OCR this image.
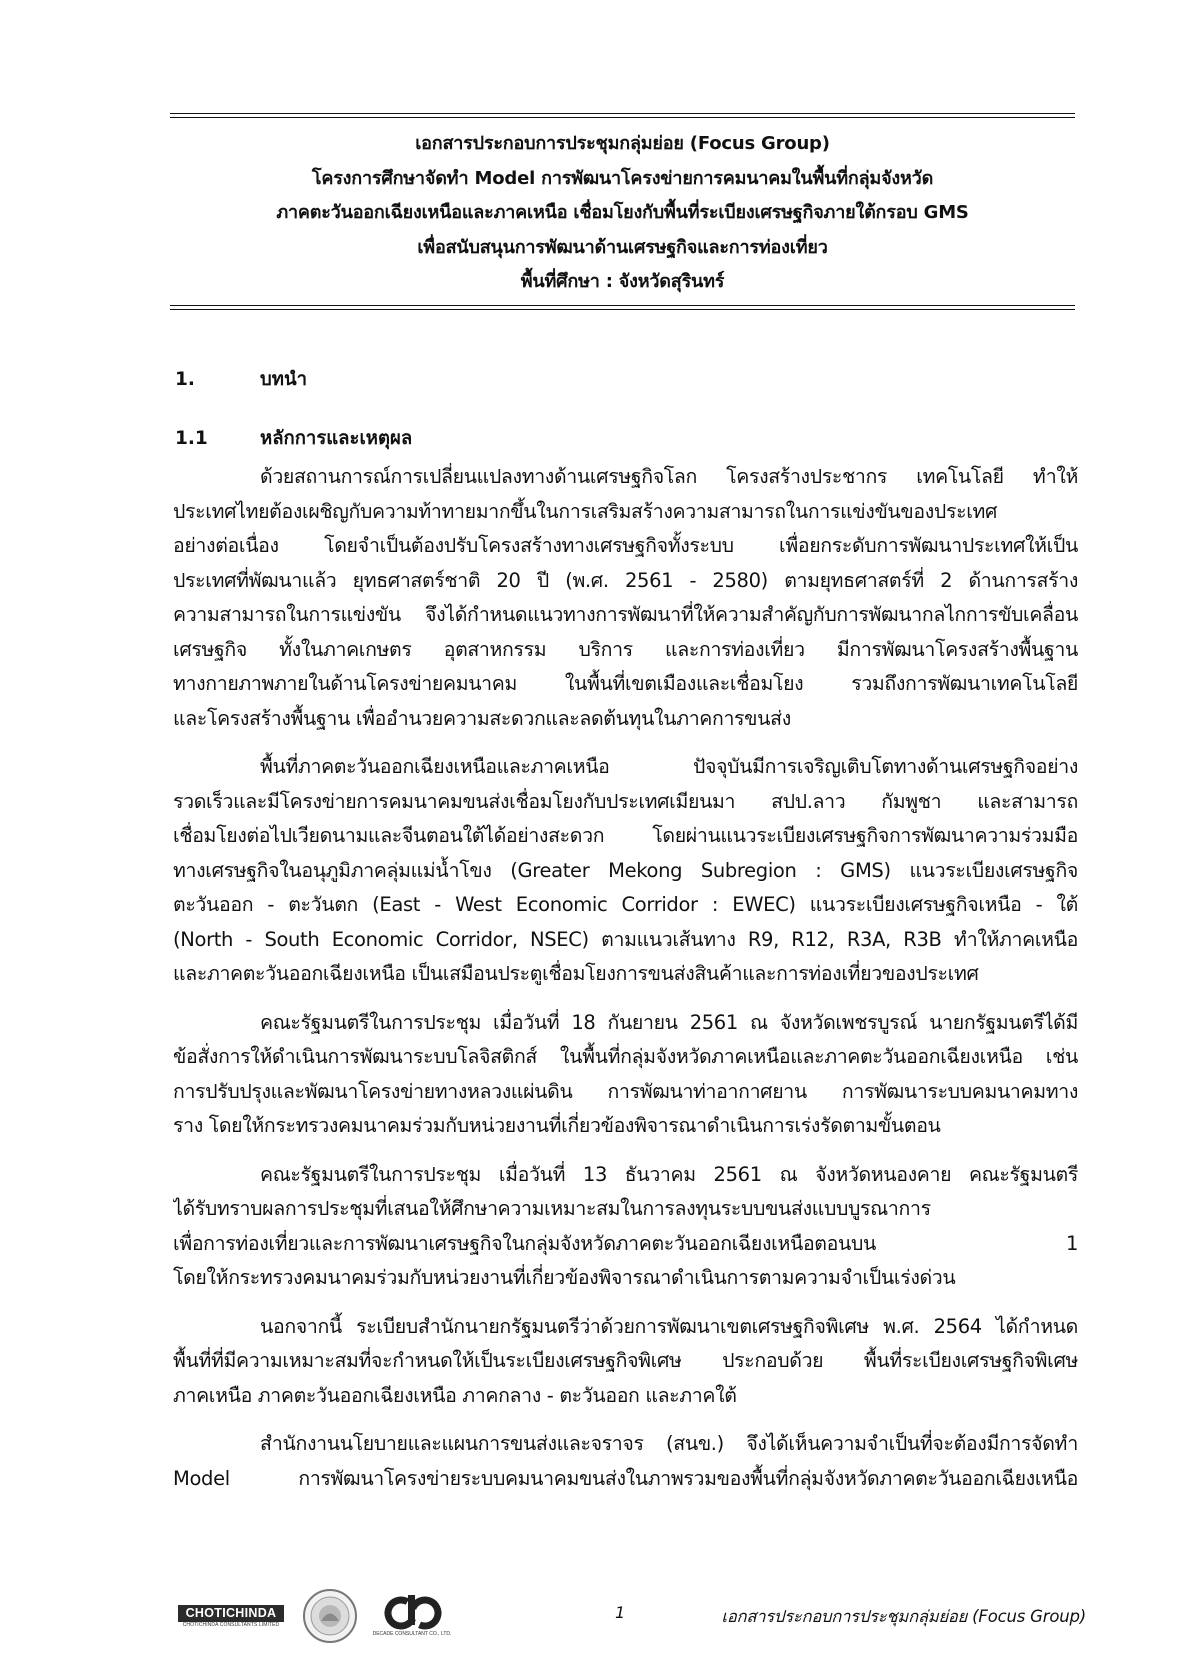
เอกสารประกอบการประชุมกลุ่มย่อย (Focus Group)
โครงการศึกษาจัดทำ Model การพัฒนาโครงข่ายการคมนาคมในพื้นที่กลุ่มจังหวัด
ภาคตะวันออกเฉียงเหนือและภาคเหนือ เชื่อมโยงกับพื้นที่ระเบียงเศรษฐกิจภายใต้กรอบ GMS
เพื่อสนับสนุนการพัฒนาด้านเศรษฐกิจและการท่องเที่ยว
พื้นที่ศึกษา : จังหวัดสุรินทร์
1.	บทนำ
1.1	หลักการและเหตุผล
ด้วยสถานการณ์การเปลี่ยนแปลงทางด้านเศรษฐกิจโลก โครงสร้างประชากร เทคโนโลยี ทำให้
ประเทศไทยต้องเผชิญกับความท้าทายมากขึ้นในการเสริมสร้างความสามารถในการแข่งขันของประเทศ
อย่างต่อเนื่อง โดยจำเป็นต้องปรับโครงสร้างทางเศรษฐกิจทั้งระบบ เพื่อยกระดับการพัฒนาประเทศให้เป็น
ประเทศที่พัฒนาแล้ว ยุทธศาสตร์ชาติ 20 ปี (พ.ศ. 2561 - 2580) ตามยุทธศาสตร์ที่ 2 ด้านการสร้าง
ความสามารถในการแข่งขัน จึงได้กำหนดแนวทางการพัฒนาที่ให้ความสำคัญกับการพัฒนากลไกการขับเคลื่อน
เศรษฐกิจ ทั้งในภาคเกษตร อุตสาหกรรม บริการ และการท่องเที่ยว มีการพัฒนาโครงสร้างพื้นฐาน
ทางกายภาพภายในด้านโครงข่ายคมนาคม ในพื้นที่เขตเมืองและเชื่อมโยง รวมถึงการพัฒนาเทคโนโลยี
และโครงสร้างพื้นฐาน เพื่ออำนวยความสะดวกและลดต้นทุนในภาคการขนส่ง
พื้นที่ภาคตะวันออกเฉียงเหนือและภาคเหนือ ปัจจุบันมีการเจริญเติบโตทางด้านเศรษฐกิจอย่าง
รวดเร็วและมีโครงข่ายการคมนาคมขนส่งเชื่อมโยงกับประเทศเมียนมา สปป.ลาว กัมพูชา และสามารถ
เชื่อมโยงต่อไปเวียดนามและจีนตอนใต้ได้อย่างสะดวก โดยผ่านแนวระเบียงเศรษฐกิจการพัฒนาความร่วมมือ
ทางเศรษฐกิจในอนุภูมิภาคลุ่มแม่น้ำโขง (Greater Mekong Subregion : GMS) แนวระเบียงเศรษฐกิจ
ตะวันออก - ตะวันตก (East - West Economic Corridor : EWEC) แนวระเบียงเศรษฐกิจเหนือ - ใต้
(North - South Economic Corridor, NSEC) ตามแนวเส้นทาง R9, R12, R3A, R3B ทำให้ภาคเหนือ
และภาคตะวันออกเฉียงเหนือ เป็นเสมือนประตูเชื่อมโยงการขนส่งสินค้าและการท่องเที่ยวของประเทศ
คณะรัฐมนตรีในการประชุม เมื่อวันที่ 18 กันยายน 2561 ณ จังหวัดเพชรบูรณ์ นายกรัฐมนตรีได้มี
ข้อสั่งการให้ดำเนินการพัฒนาระบบโลจิสติกส์ ในพื้นที่กลุ่มจังหวัดภาคเหนือและภาคตะวันออกเฉียงเหนือ เช่น
การปรับปรุงและพัฒนาโครงข่ายทางหลวงแผ่นดิน การพัฒนาท่าอากาศยาน การพัฒนาระบบคมนาคมทาง
ราง โดยให้กระทรวงคมนาคมร่วมกับหน่วยงานที่เกี่ยวข้องพิจารณาดำเนินการเร่งรัดตามขั้นตอน
คณะรัฐมนตรีในการประชุม เมื่อวันที่ 13 ธันวาคม 2561 ณ จังหวัดหนองคาย คณะรัฐมนตรี
ได้รับทราบผลการประชุมที่เสนอให้ศึกษาความเหมาะสมในการลงทุนระบบขนส่งแบบบูรณาการ
เพื่อการท่องเที่ยวและการพัฒนาเศรษฐกิจในกลุ่มจังหวัดภาคตะวันออกเฉียงเหนือตอนบน 1
โดยให้กระทรวงคมนาคมร่วมกับหน่วยงานที่เกี่ยวข้องพิจารณาดำเนินการตามความจำเป็นเร่งด่วน
นอกจากนี้ ระเบียบสำนักนายกรัฐมนตรีว่าด้วยการพัฒนาเขตเศรษฐกิจพิเศษ พ.ศ. 2564 ได้กำหนด
พื้นที่ที่มีความเหมาะสมที่จะกำหนดให้เป็นระเบียงเศรษฐกิจพิเศษ ประกอบด้วย พื้นที่ระเบียงเศรษฐกิจพิเศษ
ภาคเหนือ ภาคตะวันออกเฉียงเหนือ ภาคกลาง - ตะวันออก และภาคใต้
สำนักงานนโยบายและแผนการขนส่งและจราจร (สนข.) จึงได้เห็นความจำเป็นที่จะต้องมีการจัดทำ
Model การพัฒนาโครงข่ายระบบคมนาคมขนส่งในภาพรวมของพื้นที่กลุ่มจังหวัดภาคตะวันออกเฉียงเหนือ
CHOTICHINDA
CHOTICHINDA CONSULTANTS LIMITED
DECADE CONSULTANT CO., LTD.
1	เอกสารประกอบการประชุมกลุ่มย่อย (Focus Group)
